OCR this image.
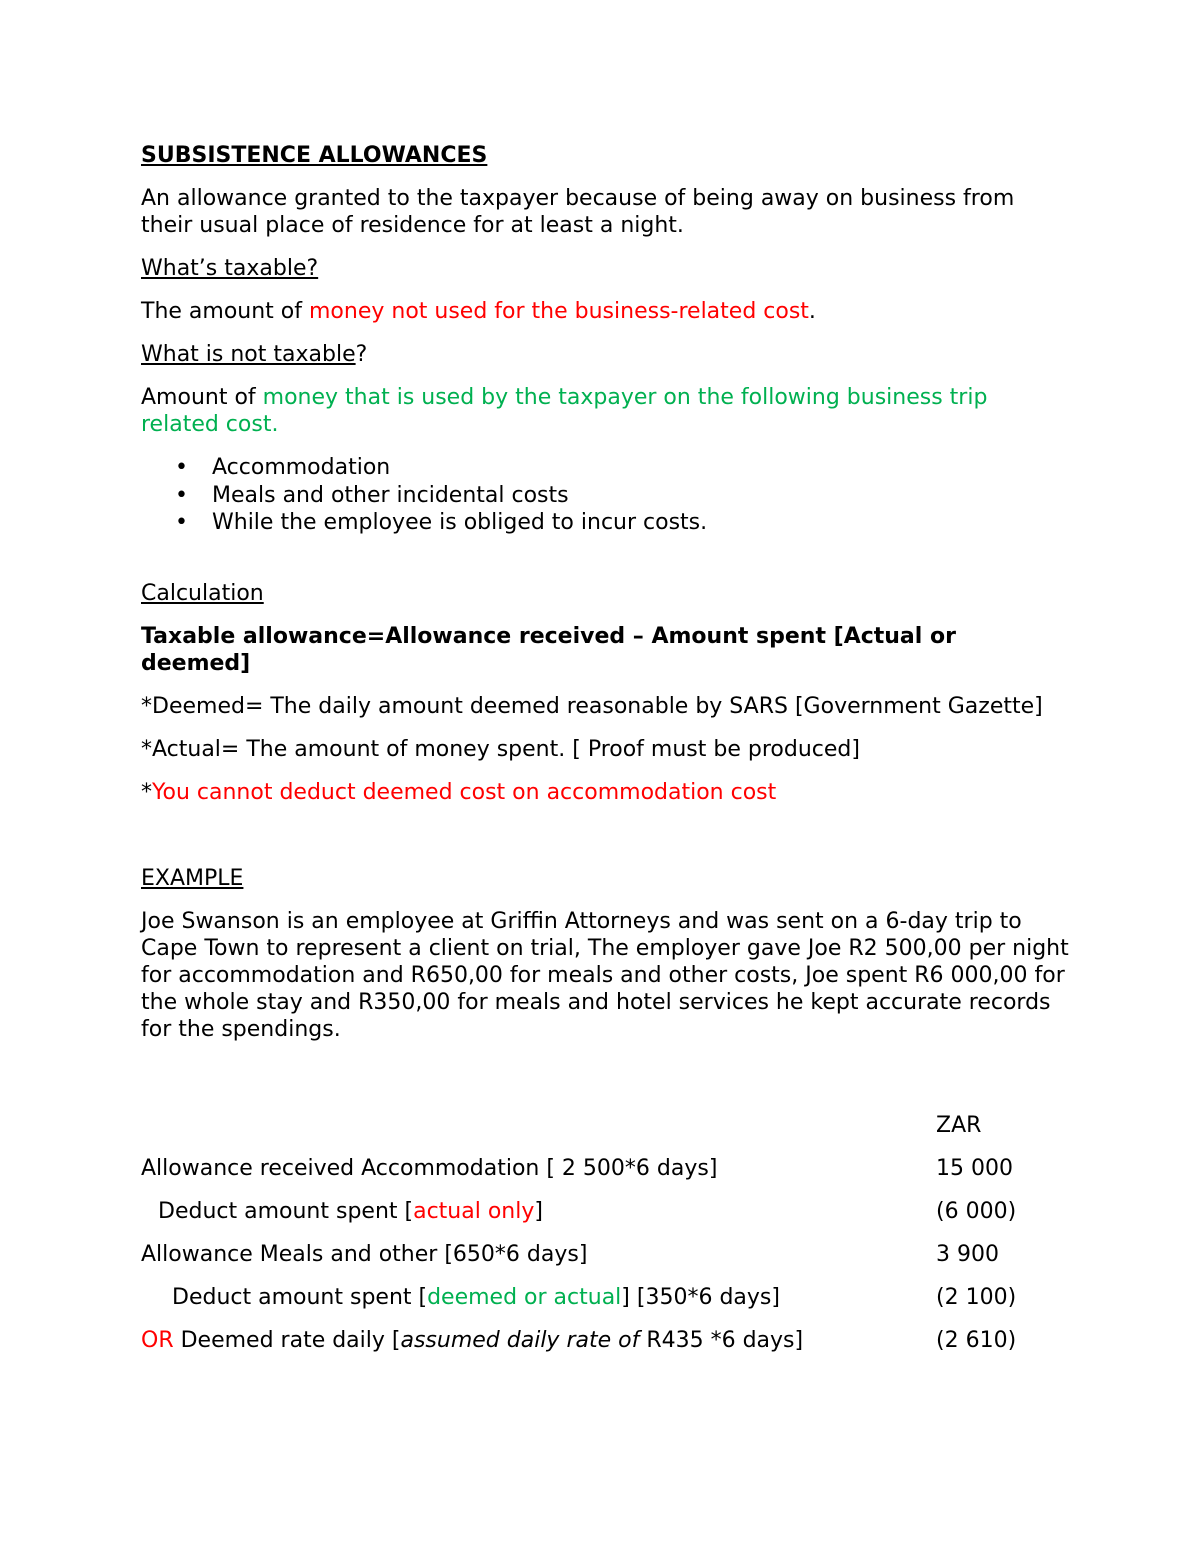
SUBSISTENCE ALLOWANCES

An allowance granted to the taxpayer because of being away on business from their usual place of residence for at least a night.

What’s taxable?

The amount of money not used for the business-related cost.

What is not taxable?

Amount of money that is used by the taxpayer on the following business trip related cost.

• Accommodation
• Meals and other incidental costs
• While the employee is obliged to incur costs.

Calculation

Taxable allowance=Allowance received – Amount spent [Actual or deemed]

*Deemed= The daily amount deemed reasonable by SARS [Government Gazette]

*Actual= The amount of money spent. [ Proof must be produced]

*You cannot deduct deemed cost on accommodation cost

EXAMPLE

Joe Swanson is an employee at Griffin Attorneys and was sent on a 6-day trip to Cape Town to represent a client on trial, The employer gave Joe R2 500,00 per night for accommodation and R650,00 for meals and other costs, Joe spent R6 000,00 for the whole stay and R350,00 for meals and hotel services he kept accurate records for the spendings.

ZAR
Allowance received Accommodation [ 2 500*6 days]	15 000
Deduct amount spent [actual only]	(6 000)
Allowance Meals and other [650*6 days]	3 900
Deduct amount spent [deemed or actual] [350*6 days]	(2 100)
OR Deemed rate daily [assumed daily rate of R435 *6 days]	(2 610)
